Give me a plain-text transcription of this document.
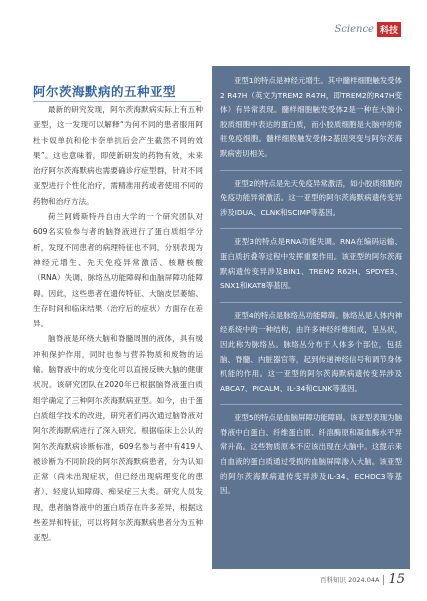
Science 科技
阿尔茨海默病的五种亚型

最新的研究发现，阿尔茨海默病实际上有五种亚型，这一发现可以解释“为何不同的患者服用阿杜卡奴单抗和伦卡奈单抗后会产生截然不同的效果”。这也意味着，即使新研发的药物有效，未来治疗阿尔茨海默病也需要确诊疗症型群，针对不同亚型进行个性化治疗，需精准用药或者使用不同的药物和治疗方法。

荷兰阿姆斯特丹自由大学的一个研究团队对609名实验参与者的脑脊液进行了蛋白质组学分析，发现不同患者的病理特征也不同，分别表现为神经元增生、先天免疫异常激活、核糖核酸（RNA）失调、脉络丛功能障碍和血脑屏障功能障碍。因此，这些患者在遗传特征、大脑皮层萎缩、生存时间和临床结果（治疗后的症状）方面存在差异。

脑脊液是环绕大脑和脊髓周围的液体，具有缓冲和保护作用，同时也参与营养物质和废物的运输。脑脊液中的成分变化可以直接反映大脑的健康状况。该研究团队在2020年已根据脑脊液蛋白质组学确定了三种阿尔茨海默病亚型。如今，由于蛋白质组学技术的改进，研究者们再次通过脑脊液对阿尔茨海默病进行了深入研究。根据临床上公认的阿尔茨海默病诊断标准，609名参与者中有419人被诊断为不同阶段的阿尔茨海默病患者，分为认知正常（尚未出现症状，但已经出现病理变化的患者）、轻度认知障碍、痴呆症三大类。研究人员发现，患者脑脊液中的蛋白质存在许多差异，根据这些差异和特征，可以将阿尔茨海默病患者分为五种亚型。

亚型1的特点是神经元增生。其中髓样细胞触发受体2 R47H（英文为TREM2 R47H，即TREM2的R47H变体）有异常表现。髓样细胞触发受体2是一种在大脑小胶质细胞中表达的蛋白质，而小胶质细胞是大脑中的常驻免疫细胞。髓样细胞触发受体2基因突变与阿尔茨海默病密切相关。

亚型2的特点是先天免疫异常激活，如小胶质细胞的免疫功能异常激活。这一亚型的阿尔茨海默病遗传变异涉及IDUA、CLNK和SCIMP等基因。

亚型3的特点是RNA功能失调。RNA在编码运输、蛋白质折叠等过程中发挥重要作用。该亚型的阿尔茨海默病遗传变异涉及BIN1、TREM2 R62H、SPDYE3、SNX1和KAT8等基因。

亚型4的特点是脉络丛功能障碍。脉络丛是人体内神经系统中的一种结构，由许多神经纤维组成，呈丛状，因此称为脉络丛。脉络丛分布于人体多个部位，包括脑、脊髓、内脏器官等，起到传递神经信号和调节身体机能的作用。这一亚型的阿尔茨海默病遗传变异涉及ABCA7、PICALM、IL-34和CLNK等基因。

亚型5的特点是血脑屏障功能障碍。该亚型表现为脑脊液中白蛋白、纤维蛋白原、纤溶酶原和凝血酶水平异常升高。这些物质原本不应该出现在大脑中。这提示来自血液的蛋白质通过受损的血脑屏障渗入大脑。该亚型的阿尔茨海默病遗传变异涉及IL-34、ECHDC3等基因。

百科知识 2024.04A 15
